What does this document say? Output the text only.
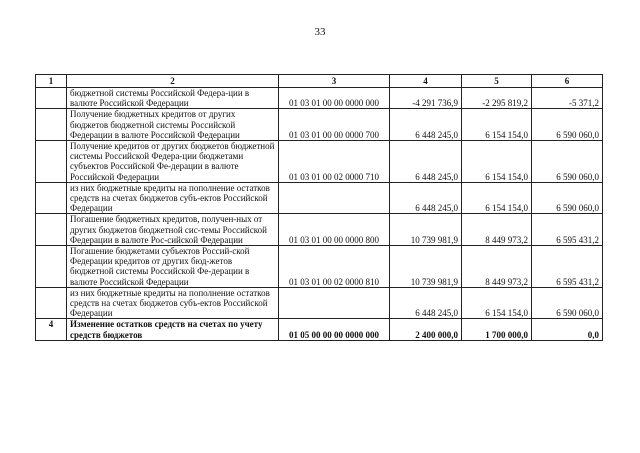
33
1	2	3	4	5	6
	бюджетной системы Российской Федера-ции в валюте Российской Федерации	01 03 01 00 00 0000 000	-4 291 736,9	-2 295 819,2	-5 371,2
	Получение бюджетных кредитов от других бюджетов бюджетной системы Российской Федерации в валюте Российской Федерации	01 03 01 00 00 0000 700	6 448 245,0	6 154 154,0	6 590 060,0
	Получение кредитов от других бюджетов бюджетной системы Российской Федера-ции бюджетами субъектов Российской Фе-дерации в валюте Российской Федерации	01 03 01 00 02 0000 710	6 448 245,0	6 154 154,0	6 590 060,0
	из них бюджетные кредиты на пополнение остатков средств на счетах бюджетов субъ-ектов Российской Федерации		6 448 245,0	6 154 154,0	6 590 060,0
	Погашение бюджетных кредитов, получен-ных от других бюджетов бюджетной сис-темы Российской Федерации в валюте Рос-сийской Федерации	01 03 01 00 00 0000 800	10 739 981,9	8 449 973,2	6 595 431,2
	Погашение бюджетами субъектов Россий-ской Федерации кредитов от других бюд-жетов бюджетной системы Российской Фе-дерации в валюте Российской Федерации	01 03 01 00 02 0000 810	10 739 981,9	8 449 973,2	6 595 431,2
	из них бюджетные кредиты на пополнение остатков средств на счетах бюджетов субъ-ектов Российской Федерации		6 448 245,0	6 154 154,0	6 590 060,0
4	Изменение остатков средств на счетах по учету средств бюджетов	01 05 00 00 00 0000 000	2 400 000,0	1 700 000,0	0,0
